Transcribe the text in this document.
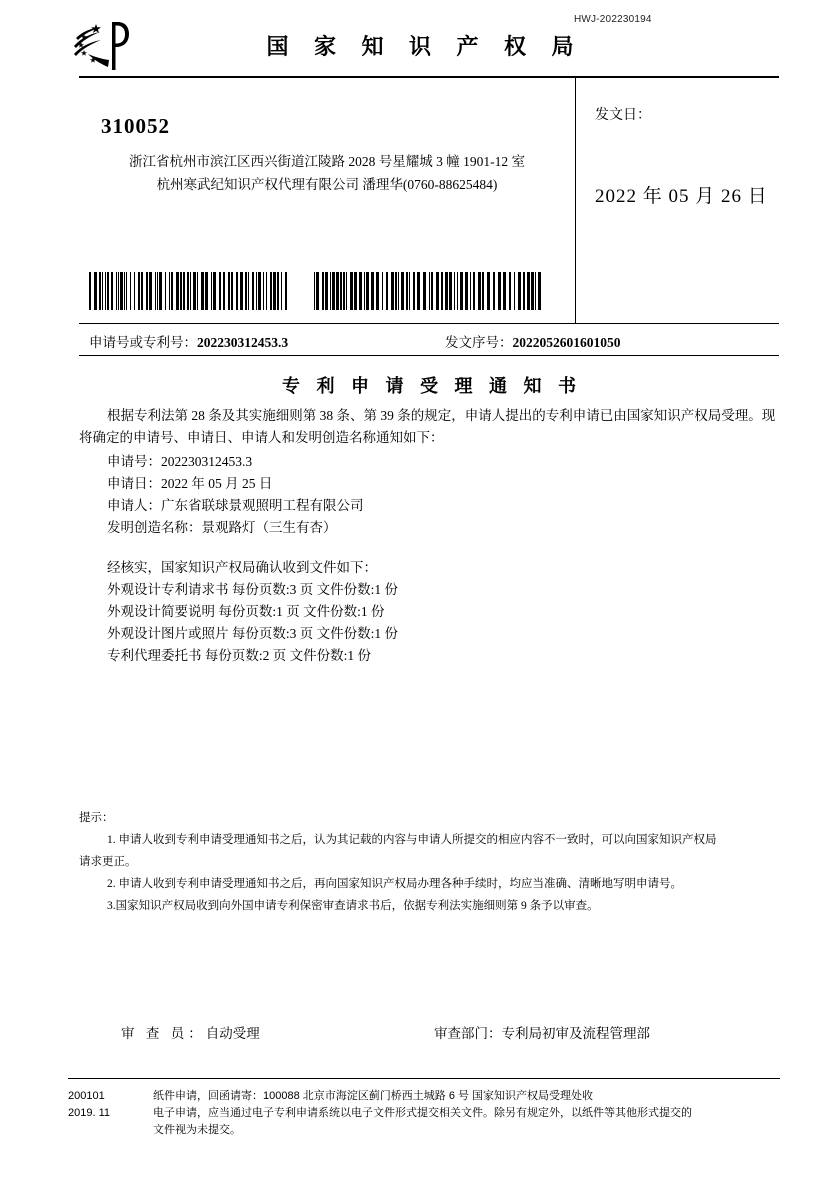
HWJ-202230194
国 家 知 识 产 权 局
310052
浙江省杭州市滨江区西兴街道江陵路 2028 号星耀城 3 幢 1901-12 室
杭州寒武纪知识产权代理有限公司 潘理华(0760-88625484)
发文日：
2022 年 05 月 26 日
申请号或专利号：202230312453.3	发文序号：2022052601601050
专 利 申 请 受 理 通 知 书

根据专利法第 28 条及其实施细则第 38 条、第 39 条的规定，申请人提出的专利申请已由国家知识产权局受理。现将确定的申请号、申请日、申请人和发明创造名称通知如下：

申请号：202230312453.3

申请日：2022 年 05 月 25 日

申请人：广东省联球景观照明工程有限公司

发明创造名称：景观路灯（三生有杏）

经核实，国家知识产权局确认收到文件如下：

外观设计专利请求书 每份页数:3 页 文件份数:1 份

外观设计简要说明 每份页数:1 页 文件份数:1 份

外观设计图片或照片 每份页数:3 页 文件份数:1 份

专利代理委托书 每份页数:2 页 文件份数:1 份

提示：

1. 申请人收到专利申请受理通知书之后，认为其记载的内容与申请人所提交的相应内容不一致时，可以向国家知识产权局

请求更正。

2. 申请人收到专利申请受理通知书之后，再向国家知识产权局办理各种手续时，均应当准确、清晰地写明申请号。

3.国家知识产权局收到向外国申请专利保密审查请求书后，依据专利法实施细则第 9 条予以审查。

审 查 员：自动受理	审查部门：专利局初审及流程管理部

200101

2019. 11

纸件申请，回函请寄：100088 北京市海淀区蓟门桥西土城路 6 号 国家知识产权局受理处收

电子申请，应当通过电子专利申请系统以电子文件形式提交相关文件。除另有规定外，以纸件等其他形式提交的

文件视为未提交。
